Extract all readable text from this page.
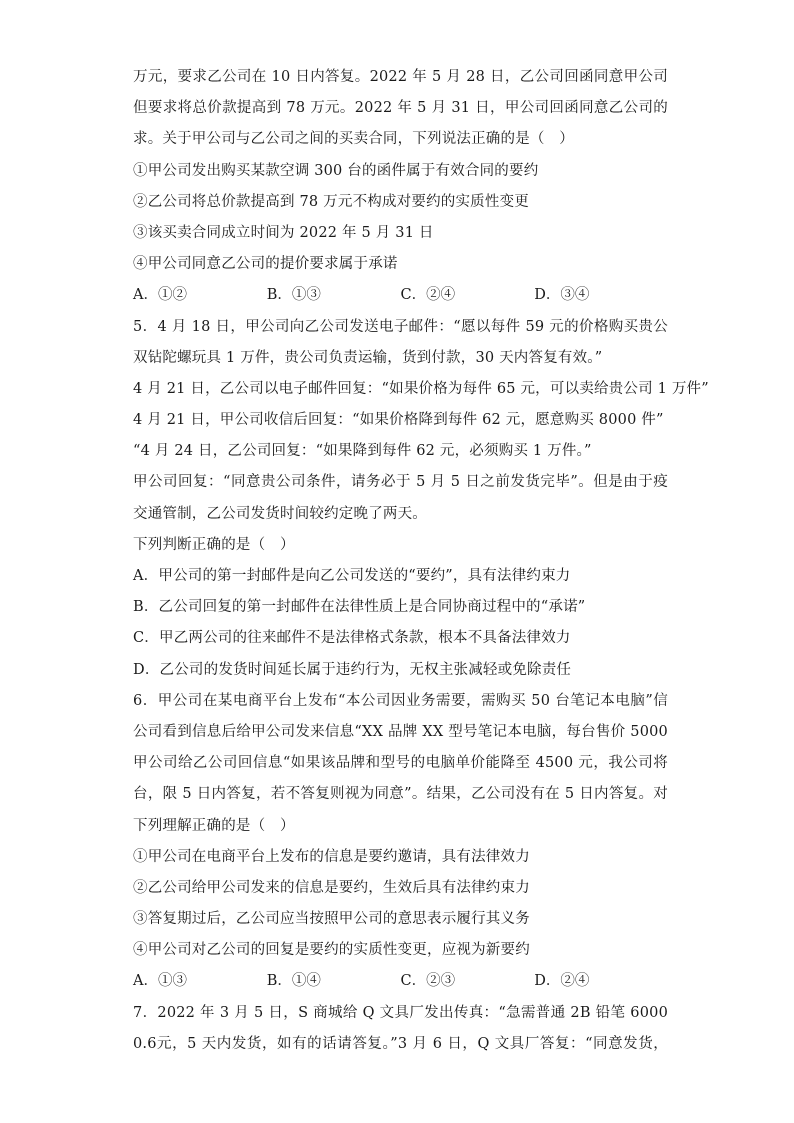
万元，要求乙公司在 10 日内答复。2022 年 5 月 28 日，乙公司回函同意甲公司
但要求将总价款提高到 78 万元。2022 年 5 月 31 日，甲公司回函同意乙公司的
求。关于甲公司与乙公司之间的买卖合同，下列说法正确的是（　）
①甲公司发出购买某款空调 300 台的函件属于有效合同的要约
②乙公司将总价款提高到 78 万元不构成对要约的实质性变更
③该买卖合同成立时间为 2022 年 5 月 31 日
④甲公司同意乙公司的提价要求属于承诺
A．①②	B．①③	C．②④	D．③④
5．4 月 18 日，甲公司向乙公司发送电子邮件：“愿以每件 59 元的价格购买贵公
双钻陀螺玩具 1 万件，贵公司负责运输，货到付款，30 天内答复有效。”
4 月 21 日，乙公司以电子邮件回复：“如果价格为每件 65 元，可以卖给贵公司 1 万件”
4 月 21 日，甲公司收信后回复：“如果价格降到每件 62 元，愿意购买 8000 件”
“4 月 24 日，乙公司回复：“如果降到每件 62 元，必须购买 1 万件。”
甲公司回复：“同意贵公司条件，请务必于 5 月 5 日之前发货完毕”。但是由于疫
交通管制，乙公司发货时间较约定晚了两天。
下列判断正确的是（　）
A．甲公司的第一封邮件是向乙公司发送的“要约”，具有法律约束力
B．乙公司回复的第一封邮件在法律性质上是合同协商过程中的“承诺”
C．甲乙两公司的往来邮件不是法律格式条款，根本不具备法律效力
D．乙公司的发货时间延长属于违约行为，无权主张减轻或免除责任
6．甲公司在某电商平台上发布“本公司因业务需要，需购买 50 台笔记本电脑”信
公司看到信息后给甲公司发来信息“XX 品牌 XX 型号笔记本电脑，每台售价 5000
甲公司给乙公司回信息“如果该品牌和型号的电脑单价能降至 4500 元，我公司将
台，限 5 日内答复，若不答复则视为同意”。结果，乙公司没有在 5 日内答复。对
下列理解正确的是（　）
①甲公司在电商平台上发布的信息是要约邀请，具有法律效力
②乙公司给甲公司发来的信息是要约，生效后具有法律约束力
③答复期过后，乙公司应当按照甲公司的意思表示履行其义务
④甲公司对乙公司的回复是要约的实质性变更，应视为新要约
A．①③	B．①④	C．②③	D．②④
7．2022 年 3 月 5 日，S 商城给 Q 文具厂发出传真：“急需普通 2B 铅笔 6000
0.6元，5 天内发货，如有的话请答复。”3 月 6 日，Q 文具厂答复：“同意发货，
